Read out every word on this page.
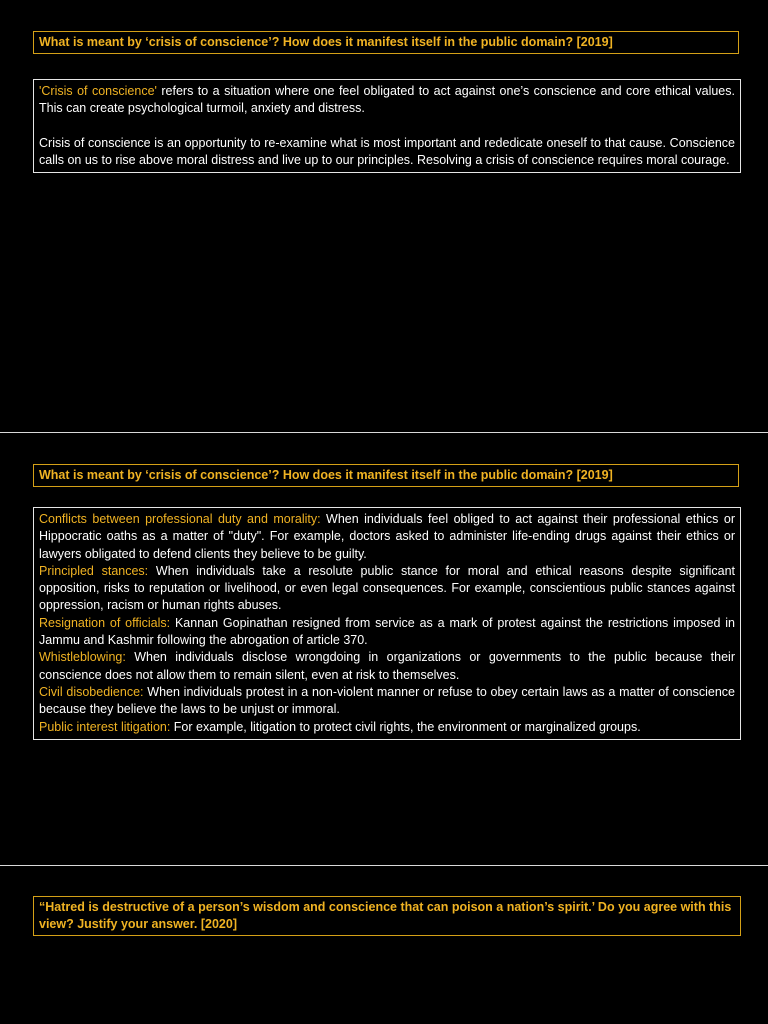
What is meant by ‘crisis of conscience’? How does it manifest itself in the public domain? [2019]

'Crisis of conscience' refers to a situation where one feel obligated to act against one’s conscience and core ethical values. This can create psychological turmoil, anxiety and distress.

Crisis of conscience is an opportunity to re-examine what is most important and rededicate oneself to that cause. Conscience calls on us to rise above moral distress and live up to our principles. Resolving a crisis of conscience requires moral courage.

What is meant by ‘crisis of conscience’? How does it manifest itself in the public domain? [2019]

Conflicts between professional duty and morality: When individuals feel obliged to act against their professional ethics or Hippocratic oaths as a matter of "duty". For example, doctors asked to administer life-ending drugs against their ethics or lawyers obligated to defend clients they believe to be guilty.

Principled stances: When individuals take a resolute public stance for moral and ethical reasons despite significant opposition, risks to reputation or livelihood, or even legal consequences. For example, conscientious public stances against oppression, racism or human rights abuses.

Resignation of officials: Kannan Gopinathan resigned from service as a mark of protest against the restrictions imposed in Jammu and Kashmir following the abrogation of article 370.

Whistleblowing: When individuals disclose wrongdoing in organizations or governments to the public because their conscience does not allow them to remain silent, even at risk to themselves.

Civil disobedience: When individuals protest in a non-violent manner or refuse to obey certain laws as a matter of conscience because they believe the laws to be unjust or immoral.

Public interest litigation: For example, litigation to protect civil rights, the environment or marginalized groups.

“Hatred is destructive of a person’s wisdom and conscience that can poison a nation’s spirit.’ Do you agree with this view? Justify your answer. [2020]
